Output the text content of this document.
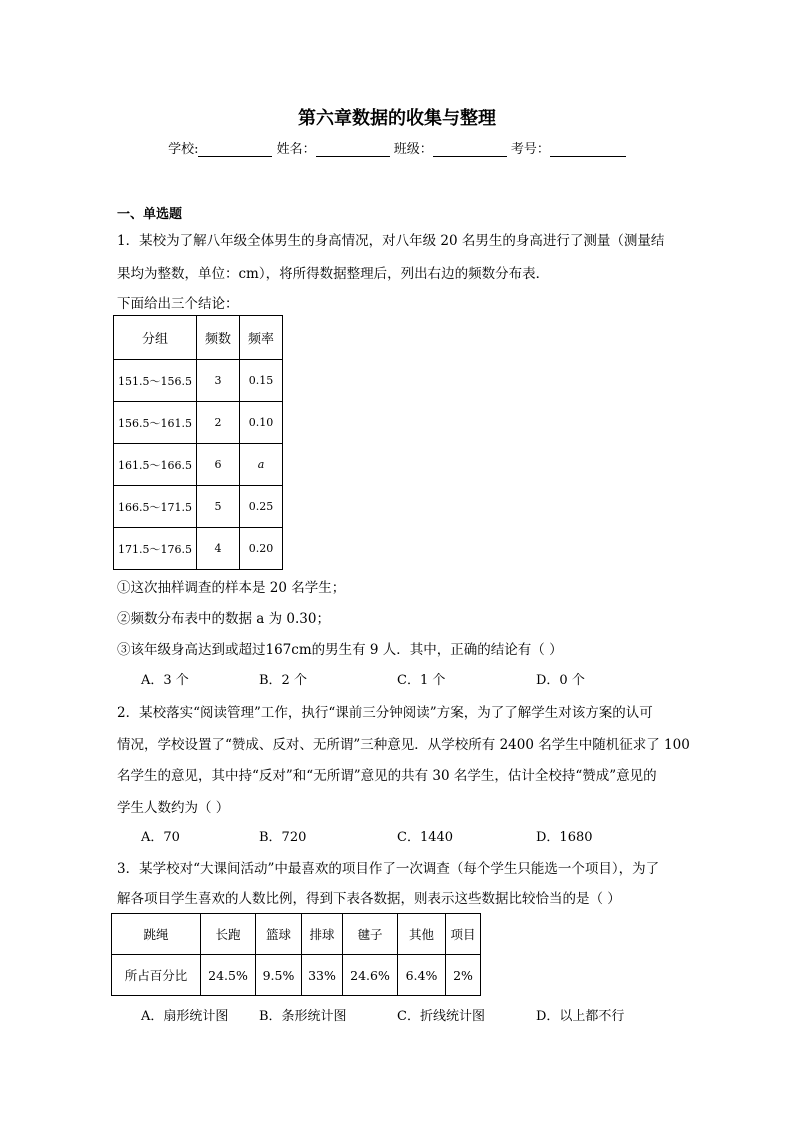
第六章数据的收集与整理
学校:	姓名：	班级：	考号：
一、单选题
1．某校为了解八年级全体男生的身高情况，对八年级 20 名男生的身高进行了测量（测量结
果均为整数，单位：cm），将所得数据整理后，列出右边的频数分布表．
下面给出三个结论：
分组	频数	频率
151.5～156.5	3	0.15
156.5～161.5	2	0.10
161.5～166.5	6	a
166.5～171.5	5	0.25
171.5～176.5	4	0.20
①这次抽样调查的样本是 20 名学生；
②频数分布表中的数据 a 为 0.30；
③该年级身高达到或超过167cm的男生有 9 人．其中，正确的结论有（ ）
A．3 个	B．2 个	C．1 个	D．0 个
2．某校落实“阅读管理”工作，执行“课前三分钟阅读”方案，为了了解学生对该方案的认可
情况，学校设置了“赞成、反对、无所谓”三种意见．从学校所有 2400 名学生中随机征求了 100
名学生的意见，其中持“反对”和“无所谓”意见的共有 30 名学生，估计全校持“赞成”意见的
学生人数约为（ ）
A．70	B．720	C．1440	D．1680
3．某学校对“大课间活动”中最喜欢的项目作了一次调查（每个学生只能选一个项目），为了
解各项目学生喜欢的人数比例，得到下表各数据，则表示这些数据比较恰当的是（ ）
跳绳	长跑	篮球	排球	毽子	其他	项目
所占百分比	24.5%	9.5%	33%	24.6%	6.4%	2%
A．扇形统计图 B．条形统计图	C．折线统计图	D．以上都不行
